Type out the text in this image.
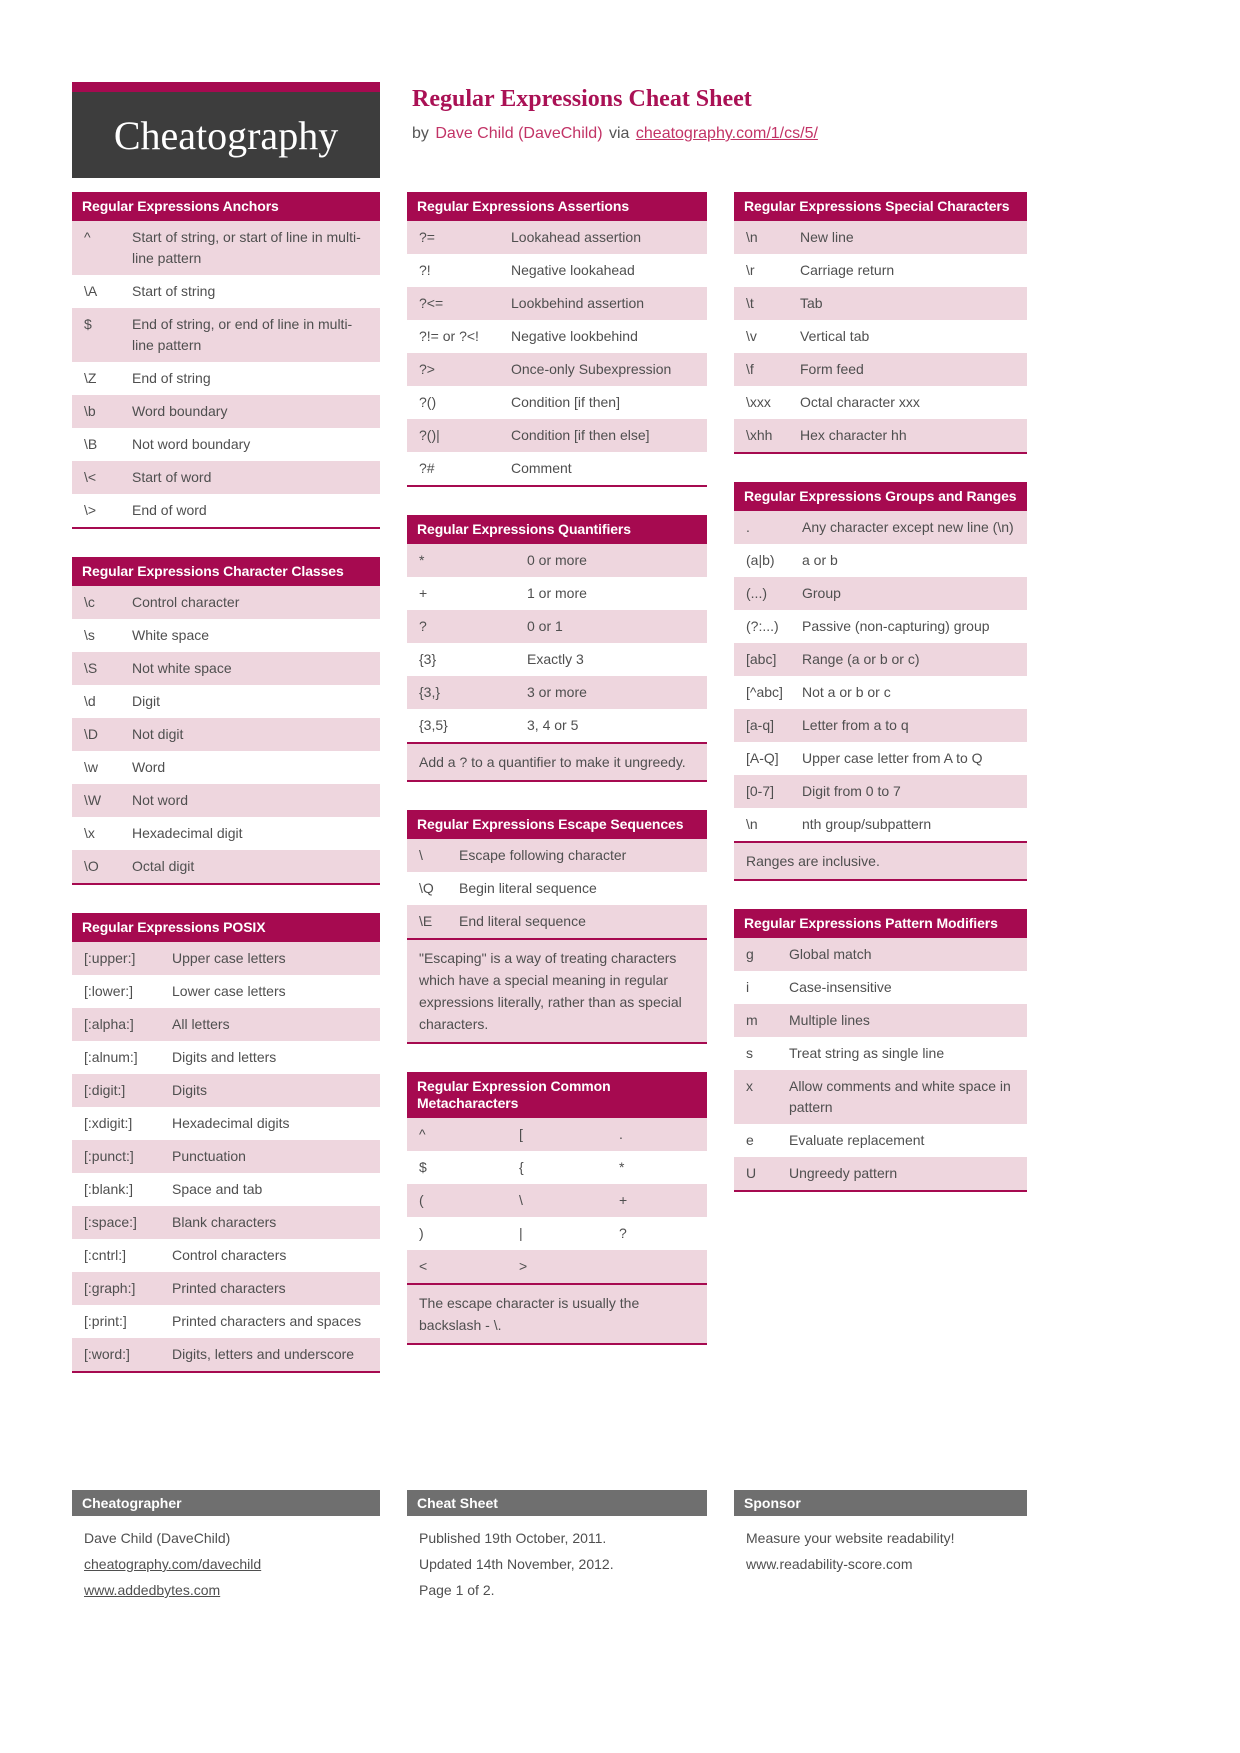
Cheatography
Regular Expressions Cheat Sheet
by Dave Child (DaveChild) via cheatography.com/1/cs/5/
Regular Expressions Anchors
^	Start of string, or start of line in multi-line pattern
\A	Start of string
$	End of string, or end of line in multi-line pattern
\Z	End of string
\b	Word boundary
\B	Not word boundary
\<	Start of word
\>	End of word
Regular Expressions Character Classes
\c	Control character
\s	White space
\S	Not white space
\d	Digit
\D	Not digit
\w	Word
\W	Not word
\x	Hexadecimal digit
\O	Octal digit
Regular Expressions POSIX
[:upper:]	Upper case letters
[:lower:]	Lower case letters
[:alpha:]	All letters
[:alnum:]	Digits and letters
[:digit:]	Digits
[:xdigit:]	Hexadecimal digits
[:punct:]	Punctuation
[:blank:]	Space and tab
[:space:]	Blank characters
[:cntrl:]	Control characters
[:graph:]	Printed characters
[:print:]	Printed characters and spaces
[:word:]	Digits, letters and underscore
Regular Expressions Assertions
?=	Lookahead assertion
?!	Negative lookahead
?<=	Lookbehind assertion
?!= or ?<!	Negative lookbehind
?>	Once-only Subexpression
?()	Condition [if then]
?()|	Condition [if then else]
?#	Comment
Regular Expressions Quantifiers
*	0 or more
+	1 or more
?	0 or 1
{3}	Exactly 3
{3,}	3 or more
{3,5}	3, 4 or 5
Add a ? to a quantifier to make it ungreedy.
Regular Expressions Escape Sequences
\	Escape following character
\Q	Begin literal sequence
\E	End literal sequence
"Escaping" is a way of treating characters which have a special meaning in regular expressions literally, rather than as special characters.
Regular Expression Common Metacharacters
^	[	.
$	{	*
(	\	+
)	|	?
<	>
The escape character is usually the backslash - \.
Regular Expressions Special Characters
\n	New line
\r	Carriage return
\t	Tab
\v	Vertical tab
\f	Form feed
\xxx	Octal character xxx
\xhh	Hex character hh
Regular Expressions Groups and Ranges
.	Any character except new line (\n)
(a|b)	a or b
(...)	Group
(?:...)	Passive (non-capturing) group
[abc]	Range (a or b or c)
[^abc]	Not a or b or c
[a-q]	Letter from a to q
[A-Q]	Upper case letter from A to Q
[0-7]	Digit from 0 to 7
\n	nth group/subpattern
Ranges are inclusive.
Regular Expressions Pattern Modifiers
g	Global match
i	Case-insensitive
m	Multiple lines
s	Treat string as single line
x	Allow comments and white space in pattern
e	Evaluate replacement
U	Ungreedy pattern
Cheatographer
Dave Child (DaveChild)
cheatography.com/davechild
www.addedbytes.com
Cheat Sheet
Published 19th October, 2011.
Updated 14th November, 2012.
Page 1 of 2.
Sponsor
Measure your website readability!
www.readability-score.com
